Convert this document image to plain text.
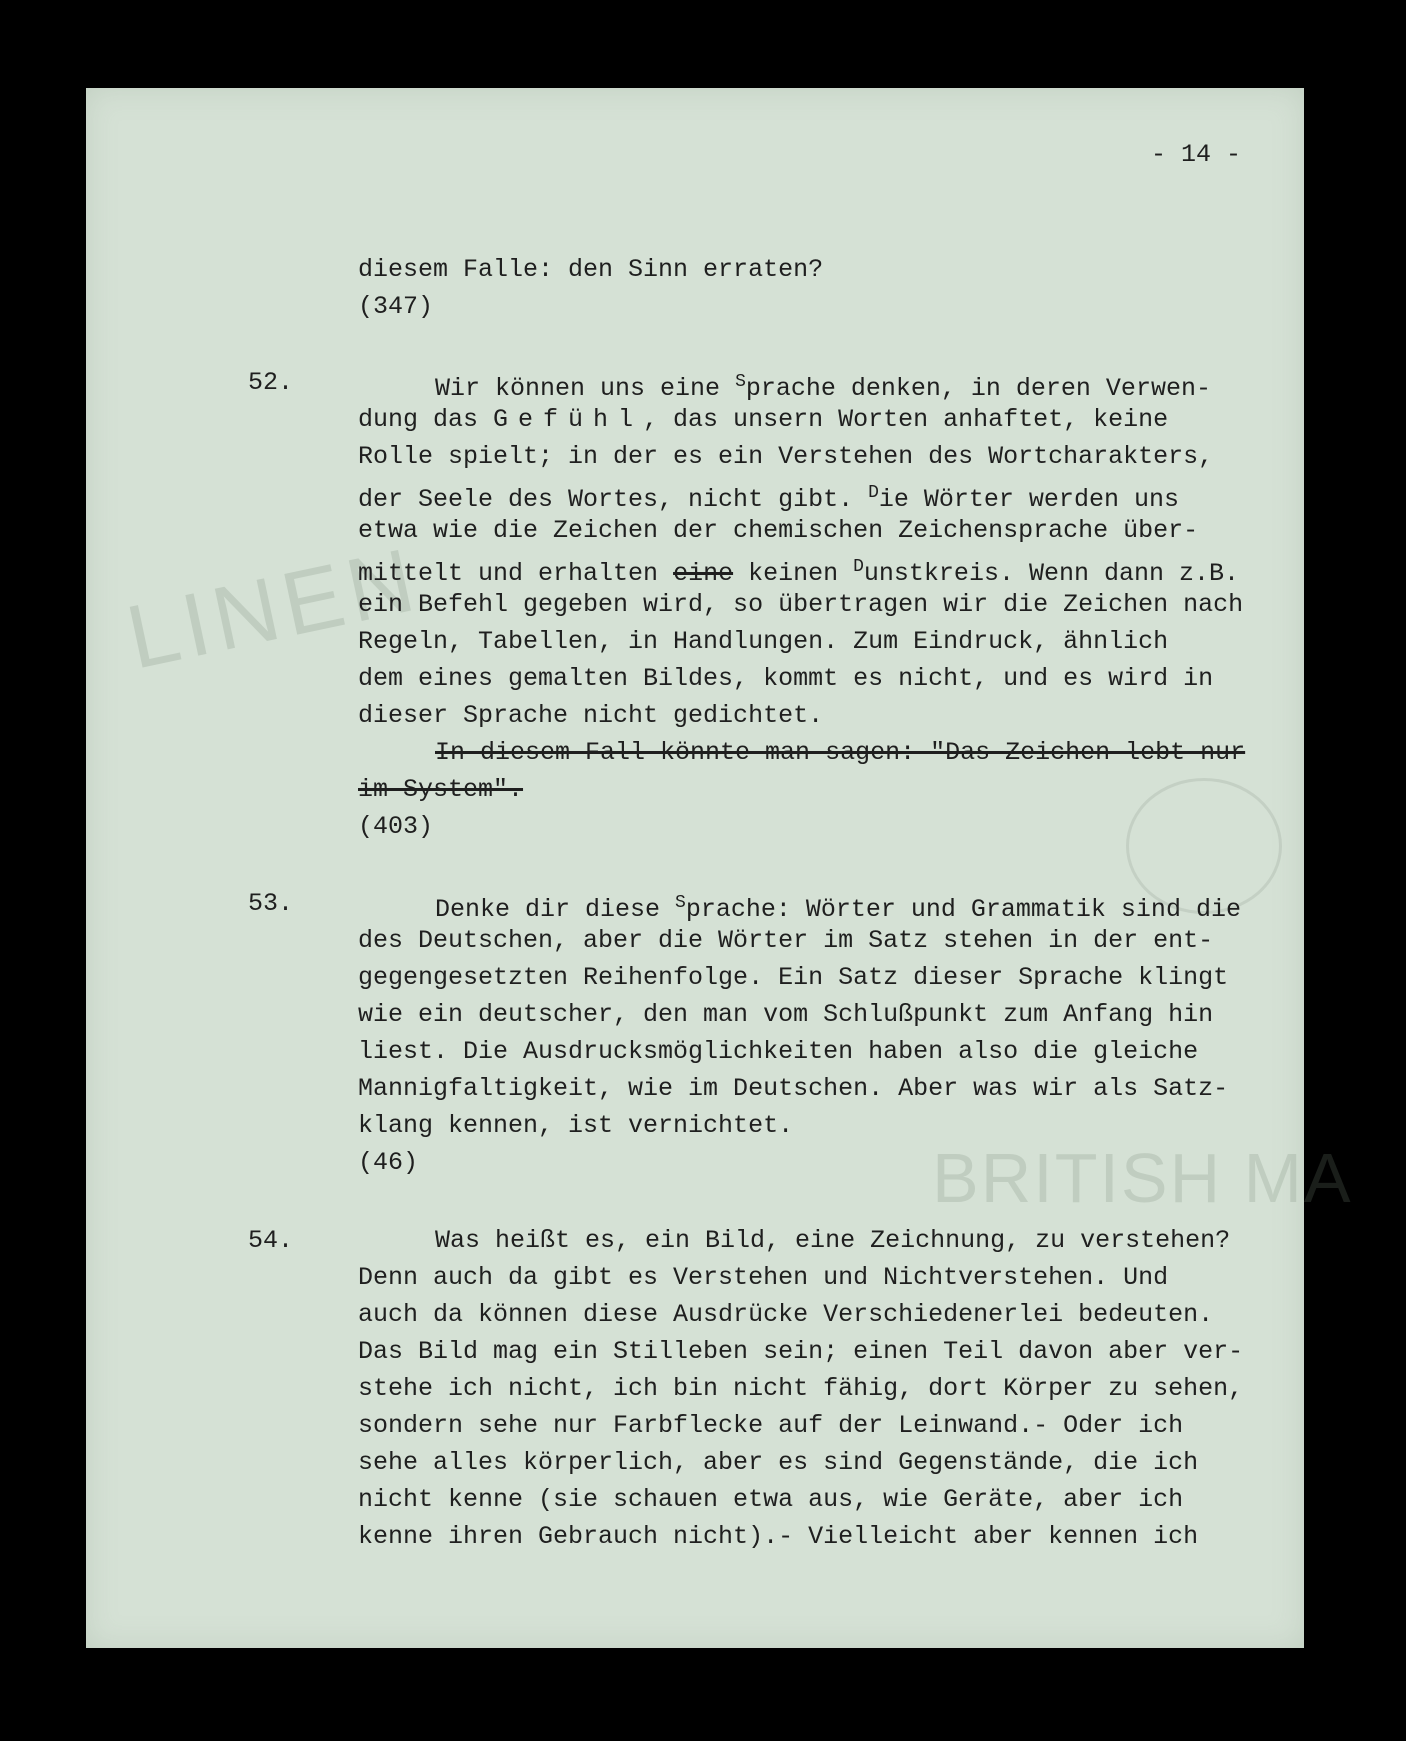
LINEN
BRITISH MA
- 14 -
diesem Falle: den Sinn erraten?
(347)
52.	Wir können uns eine $^S$prache denken, in deren Verwen-
dung das Gefühl, das unsern Worten anhaftet, keine
Rolle spielt; in der es ein Verstehen des Wortcharakters,
der Seele des Wortes, nicht gibt. $^D$ie Wörter werden uns
etwa wie die Zeichen der chemischen Zeichensprache über-
mittelt und erhalten eine keinen $^D$unstkreis. Wenn dann z.B.
ein Befehl gegeben wird, so übertragen wir die Zeichen nach
Regeln, Tabellen, in Handlungen. Zum Eindruck, ähnlich
dem eines gemalten Bildes, kommt es nicht, und es wird in
dieser Sprache nicht gedichtet.
In diesem Fall könnte man sagen: "Das Zeichen lebt nur
im System".
(403)
53.	Denke dir diese $^S$prache: Wörter und Grammatik sind die
des Deutschen, aber die Wörter im Satz stehen in der ent-
gegengesetzten Reihenfolge. Ein Satz dieser Sprache klingt
wie ein deutscher, den man vom Schlußpunkt zum Anfang hin
liest. Die Ausdrucksmöglichkeiten haben also die gleiche
Mannigfaltigkeit, wie im Deutschen. Aber was wir als Satz-
klang kennen, ist vernichtet.
(46)
54.	Was heißt es, ein Bild, eine Zeichnung, zu verstehen?
Denn auch da gibt es Verstehen und Nichtverstehen. Und
auch da können diese Ausdrücke Verschiedenerlei bedeuten.
Das Bild mag ein Stilleben sein; einen Teil davon aber ver-
stehe ich nicht, ich bin nicht fähig, dort Körper zu sehen,
sondern sehe nur Farbflecke auf der Leinwand.- Oder ich
sehe alles körperlich, aber es sind Gegenstände, die ich
nicht kenne (sie schauen etwa aus, wie Geräte, aber ich
kenne ihren Gebrauch nicht).- Vielleicht aber kennen ich
